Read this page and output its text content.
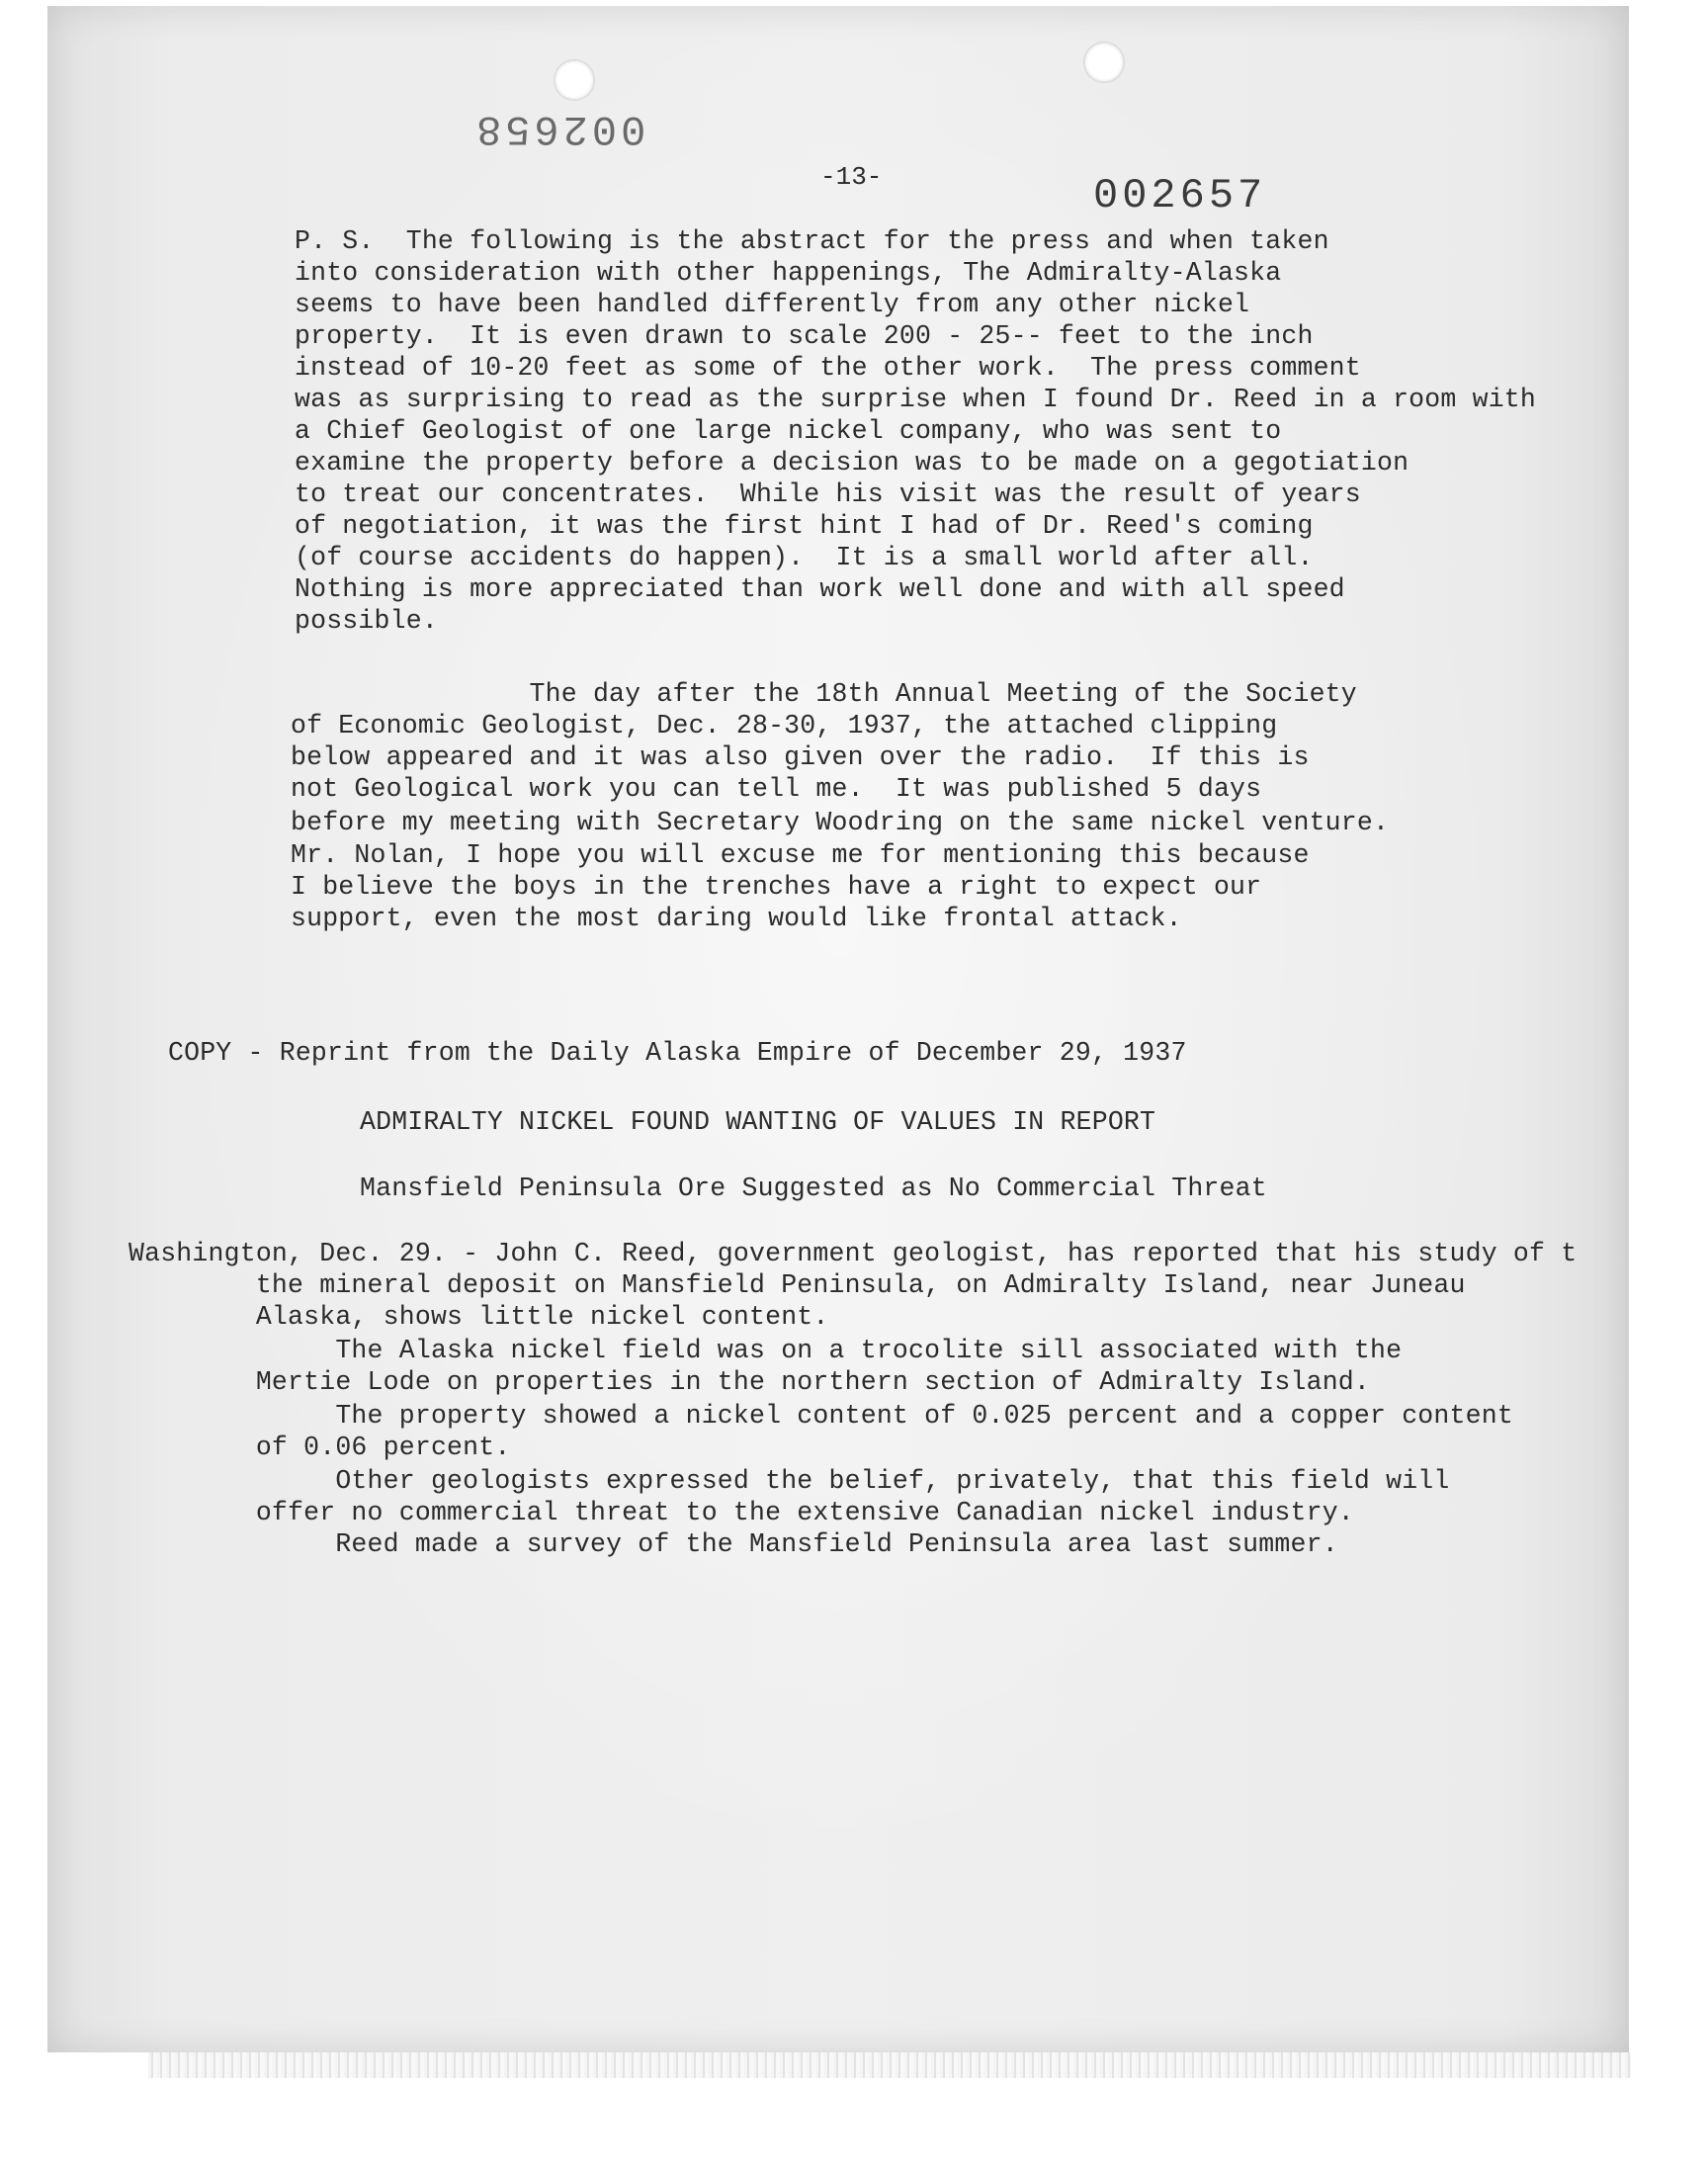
002658
-13-	002657
P. S.  The following is the abstract for the press and when taken
into consideration with other happenings, The Admiralty-Alaska
seems to have been handled differently from any other nickel
property.  It is even drawn to scale 200 - 25-- feet to the inch
instead of 10-20 feet as some of the other work.  The press comment
was as surprising to read as the surprise when I found Dr. Reed in a room with
a Chief Geologist of one large nickel company, who was sent to
examine the property before a decision was to be made on a gegotiation
to treat our concentrates.  While his visit was the result of years
of negotiation, it was the first hint I had of Dr. Reed's coming
(of course accidents do happen).  It is a small world after all.
Nothing is more appreciated than work well done and with all speed
possible.
The day after the 18th Annual Meeting of the Society
of Economic Geologist, Dec. 28-30, 1937, the attached clipping
below appeared and it was also given over the radio.  If this is
not Geological work you can tell me.  It was published 5 days
before my meeting with Secretary Woodring on the same nickel venture.
Mr. Nolan, I hope you will excuse me for mentioning this because
I believe the boys in the trenches have a right to expect our
support, even the most daring would like frontal attack.
COPY - Reprint from the Daily Alaska Empire of December 29, 1937
ADMIRALTY NICKEL FOUND WANTING OF VALUES IN REPORT
Mansfield Peninsula Ore Suggested as No Commercial Threat
Washington, Dec. 29. - John C. Reed, government geologist, has reported that his study of t
the mineral deposit on Mansfield Peninsula, on Admiralty Island, near Juneau
Alaska, shows little nickel content.
The Alaska nickel field was on a trocolite sill associated with the
Mertie Lode on properties in the northern section of Admiralty Island.
The property showed a nickel content of 0.025 percent and a copper content
of 0.06 percent.
Other geologists expressed the belief, privately, that this field will
offer no commercial threat to the extensive Canadian nickel industry.
Reed made a survey of the Mansfield Peninsula area last summer.
